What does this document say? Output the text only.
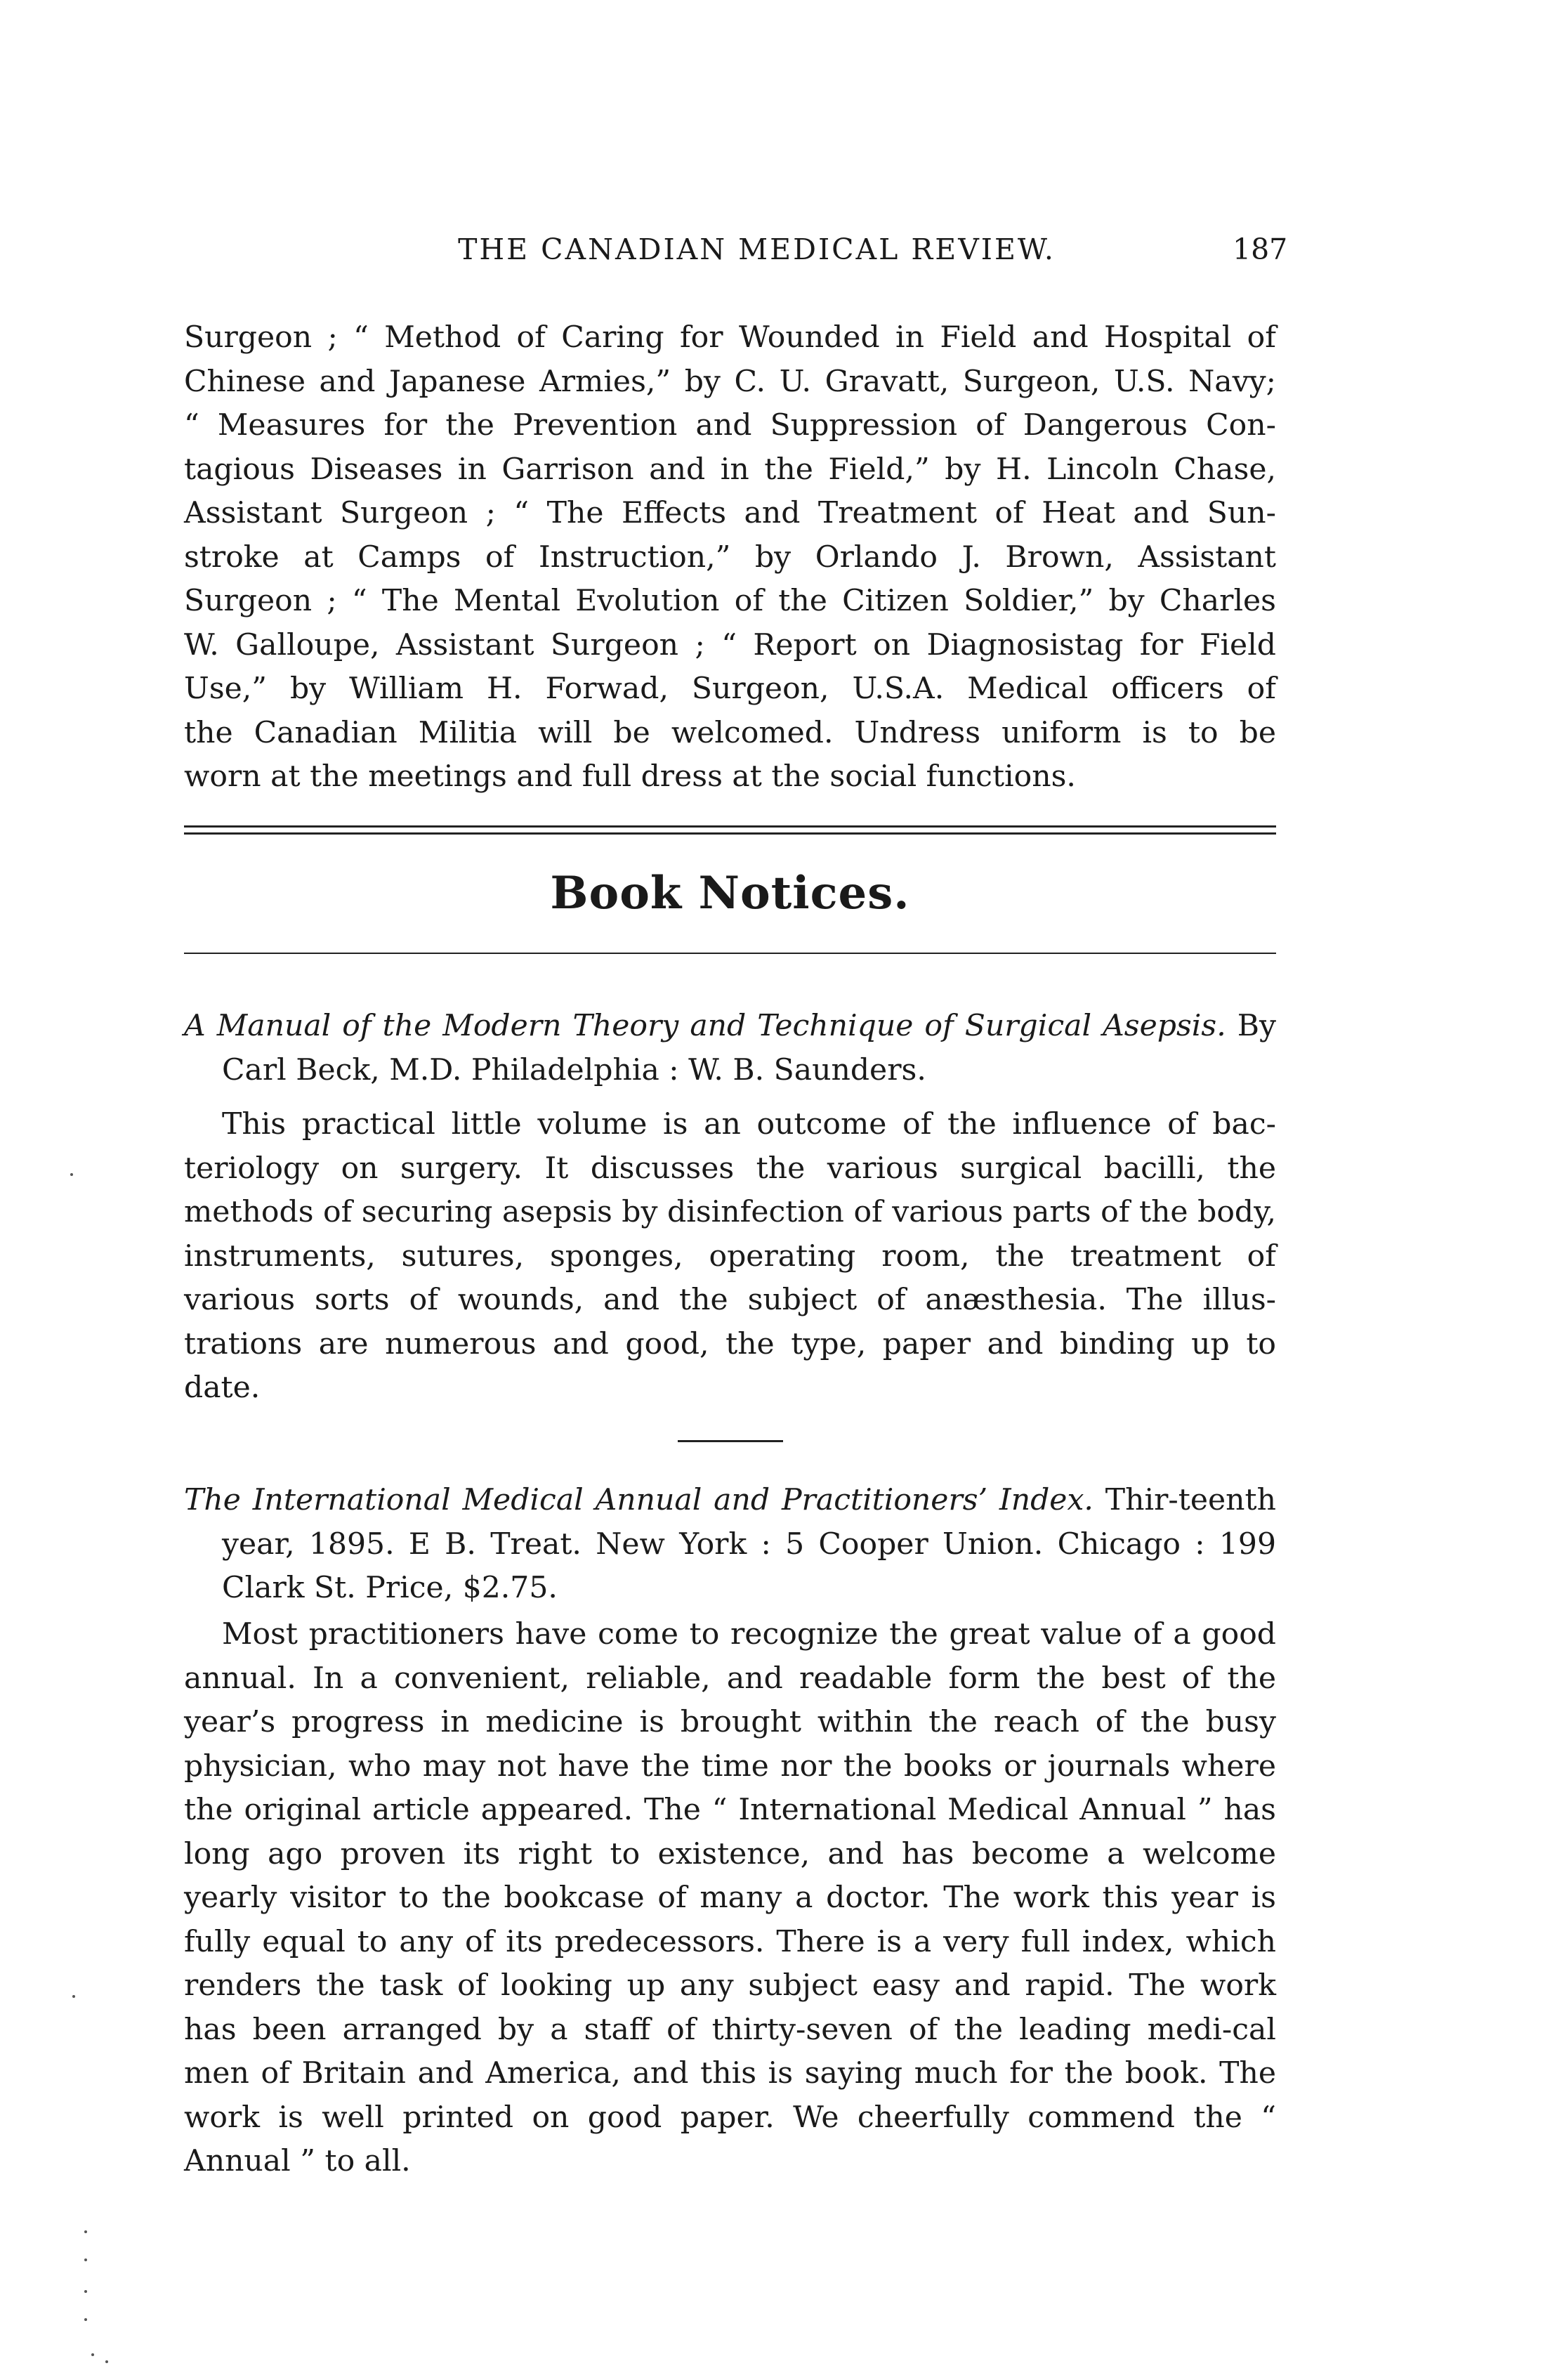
THE CANADIAN MEDICAL REVIEW.	187
Surgeon ; “ Method of Caring for Wounded in Field and Hospital of
Chinese and Japanese Armies,” by C. U. Gravatt, Surgeon, U.S. Navy;
“ Measures for the Prevention and Suppression of Dangerous Con-
tagious Diseases in Garrison and in the Field,” by H. Lincoln Chase,
Assistant Surgeon ; “ The Effects and Treatment of Heat and Sun-
stroke at Camps of Instruction,” by Orlando J. Brown, Assistant
Surgeon ; “ The Mental Evolution of the Citizen Soldier,” by Charles
W. Galloupe, Assistant Surgeon ; “ Report on Diagnosistag for Field
Use,” by William H. Forwad, Surgeon, U.S.A. Medical officers of
the Canadian Militia will be welcomed. Undress uniform is to be
worn at the meetings and full dress at the social functions.
Book Notices.

A Manual of the Modern Theory and Technique of Surgical Asepsis. By Carl Beck, M.D. Philadelphia : W. B. Saunders.

This practical little volume is an outcome of the influence of bac-teriology on surgery. It discusses the various surgical bacilli, the methods of securing asepsis by disinfection of various parts of the body, instruments, sutures, sponges, operating room, the treatment of various sorts of wounds, and the subject of anæsthesia. The illus-trations are numerous and good, the type, paper and binding up to date.

The International Medical Annual and Practitioners’ Index. Thir-teenth year, 1895. E B. Treat. New York : 5 Cooper Union. Chicago : 199 Clark St. Price, $2.75.

Most practitioners have come to recognize the great value of a good annual. In a convenient, reliable, and readable form the best of the year’s progress in medicine is brought within the reach of the busy physician, who may not have the time nor the books or journals where the original article appeared. The “ International Medical Annual ” has long ago proven its right to existence, and has become a welcome yearly visitor to the bookcase of many a doctor. The work this year is fully equal to any of its predecessors. There is a very full index, which renders the task of looking up any subject easy and rapid. The work has been arranged by a staff of thirty-seven of the leading medi-cal men of Britain and America, and this is saying much for the book. The work is well printed on good paper. We cheerfully commend the “ Annual ” to all.
